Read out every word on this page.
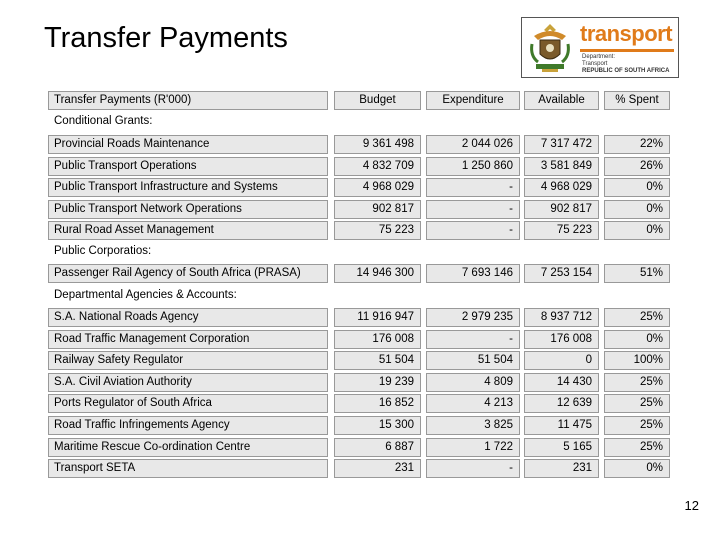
Transfer Payments	transport
Department:
Transport
REPUBLIC OF SOUTH AFRICA
Transfer Payments (R'000)	Budget	Expenditure	Available	% Spent
Conditional Grants:
Provincial Roads Maintenance	9 361 498	2 044 026	7 317 472	22%
Public Transport Operations	4 832 709	1 250 860	3 581 849	26%
Public Transport Infrastructure and Systems	4 968 029	-	4 968 029	0%
Public Transport Network Operations	902 817	-	902 817	0%
Rural Road Asset Management	75 223	-	75 223	0%
Public Corporatios:
Passenger Rail Agency of South Africa (PRASA)	14 946 300	7 693 146	7 253 154	51%
Departmental Agencies & Accounts:
S.A. National Roads Agency	11 916 947	2 979 235	8 937 712	25%
Road Traffic Management Corporation	176 008	-	176 008	0%
Railway Safety Regulator	51 504	51 504	0	100%
S.A. Civil Aviation Authority	19 239	4 809	14 430	25%
Ports Regulator of South Africa	16 852	4 213	12 639	25%
Road Traffic Infringements Agency	15 300	3 825	11 475	25%
Maritime Rescue Co-ordination Centre	6 887	1 722	5 165	25%
Transport SETA	231	-	231	0%
12
